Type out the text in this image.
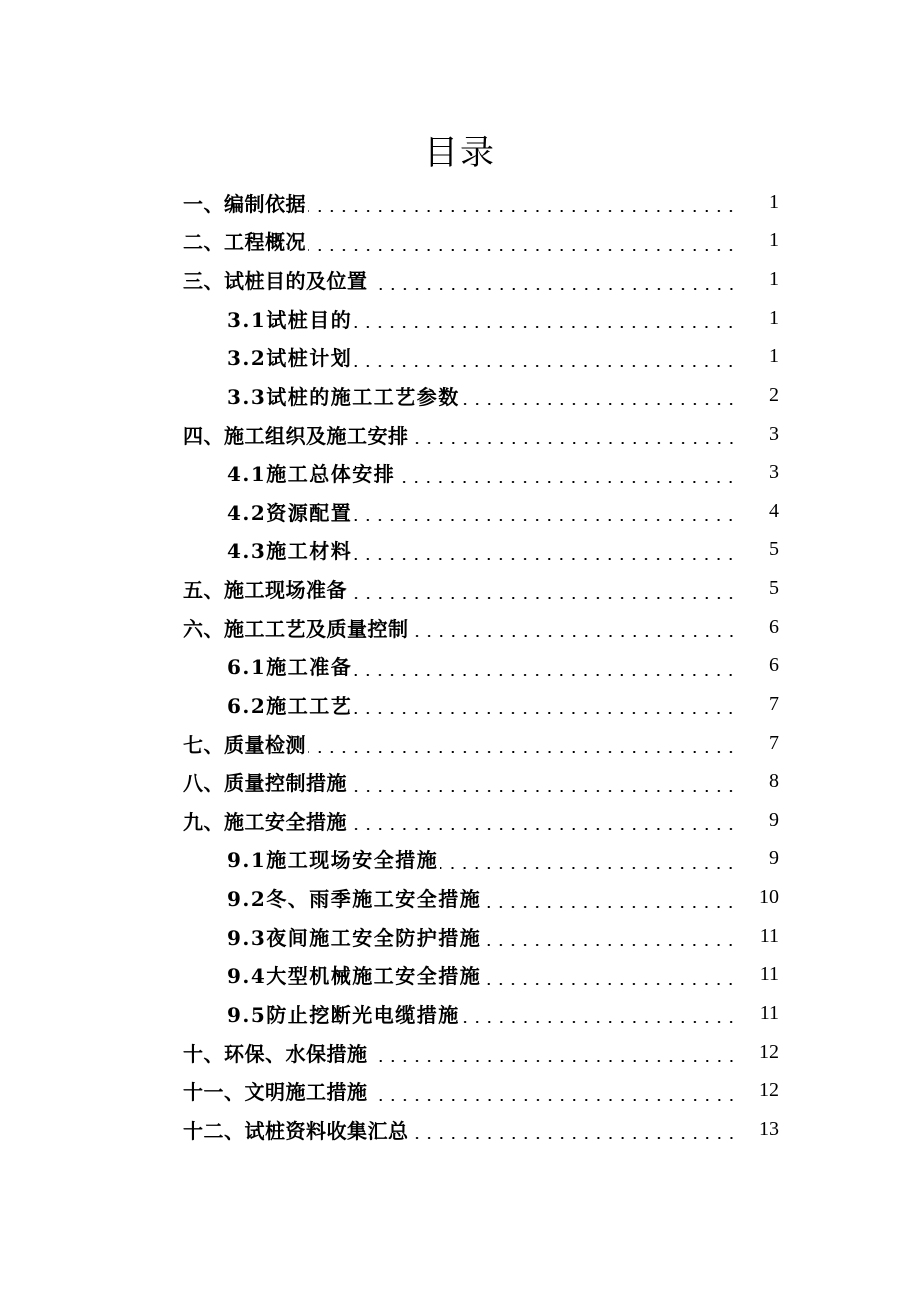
目录
一、编制依据	1
二、工程概况	1
三、试桩目的及位置	1
3.1试桩目的	1
3.2试桩计划	1
3.3试桩的施工工艺参数	2
四、施工组织及施工安排	3
4.1施工总体安排	3
4.2资源配置	4
4.3施工材料	5
五、施工现场准备	5
六、施工工艺及质量控制	6
6.1施工准备	6
6.2施工工艺	7
七、质量检测	7
八、质量控制措施	8
九、施工安全措施	9
9.1施工现场安全措施	9
9.2冬、雨季施工安全措施	10
9.3夜间施工安全防护措施	11
9.4大型机械施工安全措施	11
9.5防止挖断光电缆措施	11
十、环保、水保措施	12
十一、文明施工措施	12
十二、试桩资料收集汇总	13
